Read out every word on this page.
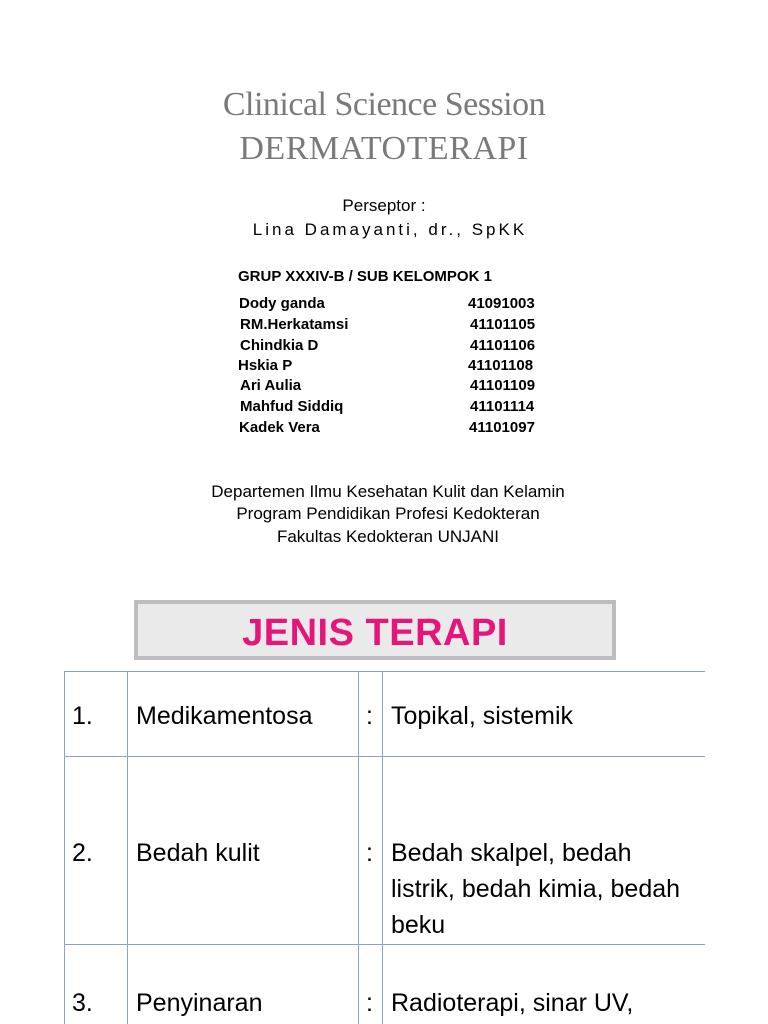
Clinical Science Session
DERMATOTERAPI
Perseptor :
Lina Damayanti, dr., SpKK
GRUP XXXIV-B / SUB KELOMPOK 1
Dody ganda	41091003
RM.Herkatamsi	41101105
Chindkia D	41101106
Hskia P	41101108
Ari Aulia	41101109
Mahfud Siddiq	41101114
Kadek Vera	41101097
Departemen Ilmu Kesehatan Kulit dan Kelamin
Program Pendidikan Profesi Kedokteran
Fakultas Kedokteran UNJANI
JENIS TERAPI
1.	Medikamentosa	:	Topikal, sistemik

2.	Bedah kulit	:	Bedah skalpel, bedah listrik, bedah kimia, bedah beku

3.	Penyinaran	:	Radioterapi, sinar UV,
